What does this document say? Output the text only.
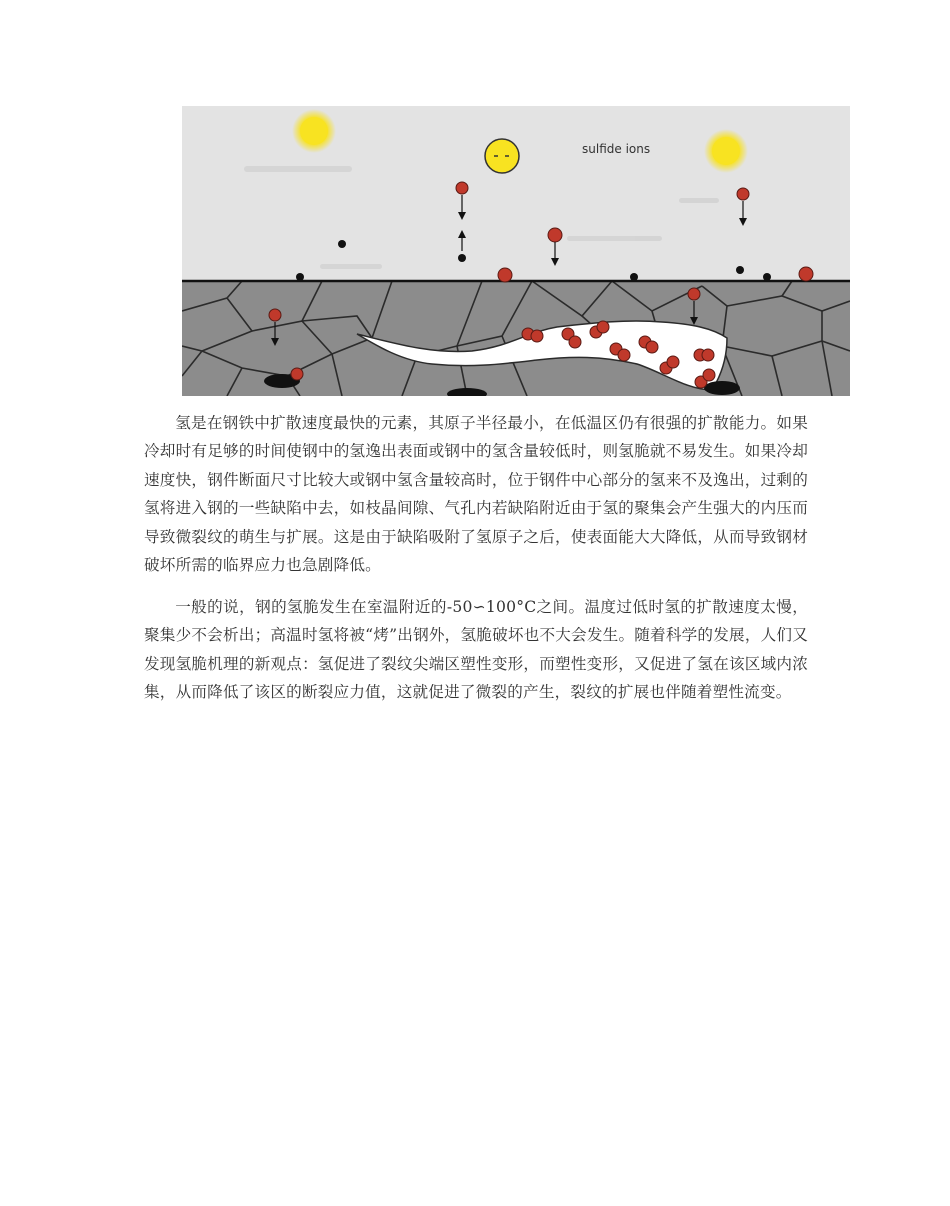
sulfide ions

氢是在钢铁中扩散速度最快的元素，其原子半径最小，在低温区仍有很强的扩散能力。如果冷却时有足够的时间使钢中的氢逸出表面或钢中的氢含量较低时，则氢脆就不易发生。如果冷却速度快，钢件断面尺寸比较大或钢中氢含量较高时，位于钢件中心部分的氢来不及逸出，过剩的氢将进入钢的一些缺陷中去，如枝晶间隙、气孔内若缺陷附近由于氢的聚集会产生强大的内压而导致微裂纹的萌生与扩展。这是由于缺陷吸附了氢原子之后，使表面能大大降低，从而导致钢材破坏所需的临界应力也急剧降低。

一般的说，钢的氢脆发生在室温附近的-50∽100°C之间。温度过低时氢的扩散速度太慢，聚集少不会析出；高温时氢将被“烤”出钢外，氢脆破坏也不大会发生。随着科学的发展，人们又发现氢脆机理的新观点：氢促进了裂纹尖端区塑性变形，而塑性变形，又促进了氢在该区域内浓集，从而降低了该区的断裂应力值，这就促进了微裂的产生，裂纹的扩展也伴随着塑性流变。
